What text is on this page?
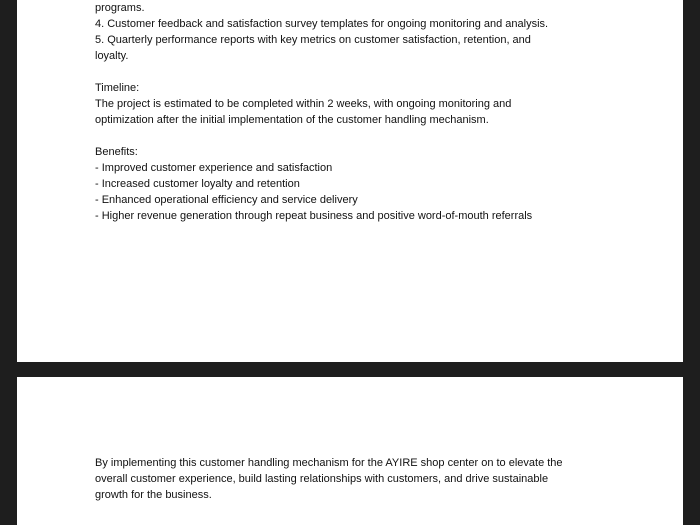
programs.
4. Customer feedback and satisfaction survey templates for ongoing monitoring and analysis.
5. Quarterly performance reports with key metrics on customer satisfaction, retention, and
loyalty.
Timeline:
The project is estimated to be completed within 2 weeks, with ongoing monitoring and
optimization after the initial implementation of the customer handling mechanism.
Benefits:
- Improved customer experience and satisfaction
- Increased customer loyalty and retention
- Enhanced operational efficiency and service delivery
- Higher revenue generation through repeat business and positive word-of-mouth referrals
By implementing this customer handling mechanism for the AYIRE shop center on to elevate the
overall customer experience, build lasting relationships with customers, and drive sustainable
growth for the business.
